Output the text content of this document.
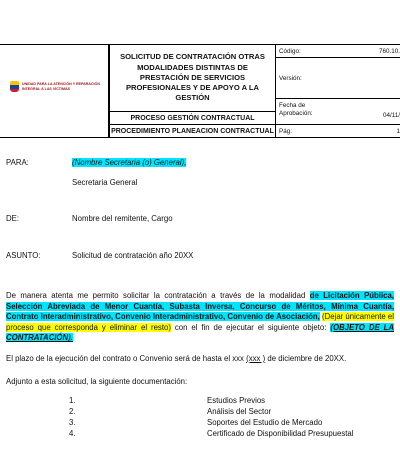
UNIDAD PARA LA ATENCIÓN Y REPARACIÓN INTEGRAL A LAS VÍCTIMAS
SOLICITUD DE CONTRATACIÓN OTRAS MODALIDADES DISTINTAS DE PRESTACIÓN DE SERVICIOS PROFESIONALES Y DE APOYO A LA GESTIÓN
PROCESO GESTIÓN CONTRACTUAL
PROCEDIMIENTO PLANEACION CONTRACTUAL
Código:	760.10.
Versión:
Fecha de
Aprobación:	04/11/
Pág:	1
PARA:	(Nombre Secretaria (o) General),
Secretaria General
DE:	Nombre del remitente, Cargo
ASUNTO:	Solicitud de contratación año 20XX
De manera atenta me permito solicitar la contratación a través de la modalidad de Licitación Pública, Selección Abreviada de Menor Cuantía, Subasta Inversa, Concurso de Méritos, Mínima Cuantía, Contrato Interadministrativo, Convenio Interadministrativo, Convenio de Asociación, (Dejar únicamente el proceso que corresponda y eliminar el resto) con el fin de ejecutar el siguiente objeto: (OBJETO DE LA CONTRATACIÓN).
El plazo de la ejecución del contrato o Convenio será de hasta el xxx (xxx ) de diciembre de 20XX.
Adjunto a esta solicitud, la siguiente documentación:
1.	Estudios Previos
2.	Análisis del Sector
3.	Soportes del Estudio de Mercado
4.	Certificado de Disponibilidad Presupuestal
